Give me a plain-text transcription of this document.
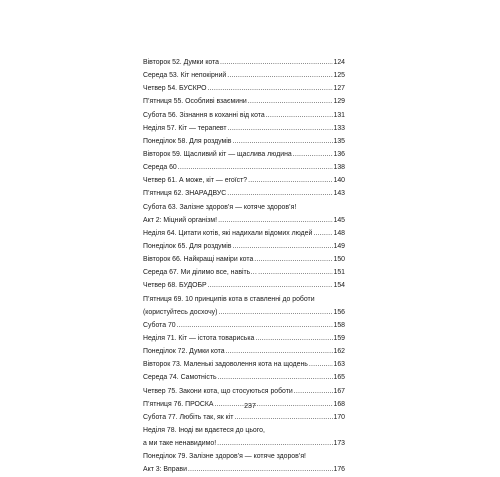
Вівторок 52. Думки кота .....	124
Середа 53. Кіт непокірний .....	125
Четвер 54. БУСКРО .....	127
П’ятниця 55. Особливі взаємини .....	129
Субота 56. Зізнання в коханні від кота .....	131
Неділя 57. Кіт — терапевт .....	133
Понеділок 58. Для роздумів .....	135
Вівторок 59. Щасливий кіт — щаслива людина .....	136
Середа 60 .....	138
Четвер 61. А може, кіт — егоїст? .....	140
П’ятниця 62. ЗНАРАДВУС .....	143
Субота 63. Залізне здоров’я — котяче здоров’я!
Акт 2: Міцний організм! .....	145
Неділя 64. Цитати котів, які надихали відомих людей .....	148
Понеділок 65. Для роздумів .....	149
Вівторок 66. Найкращі наміри кота .....	150
Середа 67. Ми ділимо все, навіть… .....	151
Четвер 68. БУДОБР .....	154
П’ятниця 69. 10 принципів кота в ставленні до роботи
(користуйтесь досхочу) .....	156
Субота 70 .....	158
Неділя 71. Кіт — істота товариська .....	159
Понеділок 72. Думки кота .....	162
Вівторок 73. Маленькі задоволення кота на щодень .....	163
Середа 74. Самотність .....	165
Четвер 75. Закони кота, що стосуються роботи .....	167
П’ятниця 76. ПРОСКА .....	168
Субота 77. Любіть так, як кіт .....	170
Неділя 78. Іноді ви вдаєтеся до цього,
а ми таке ненавидимо! .....	173
Понеділок 79. Залізне здоров’я — котяче здоров’я!
Акт 3: Вправи .....	176
237
